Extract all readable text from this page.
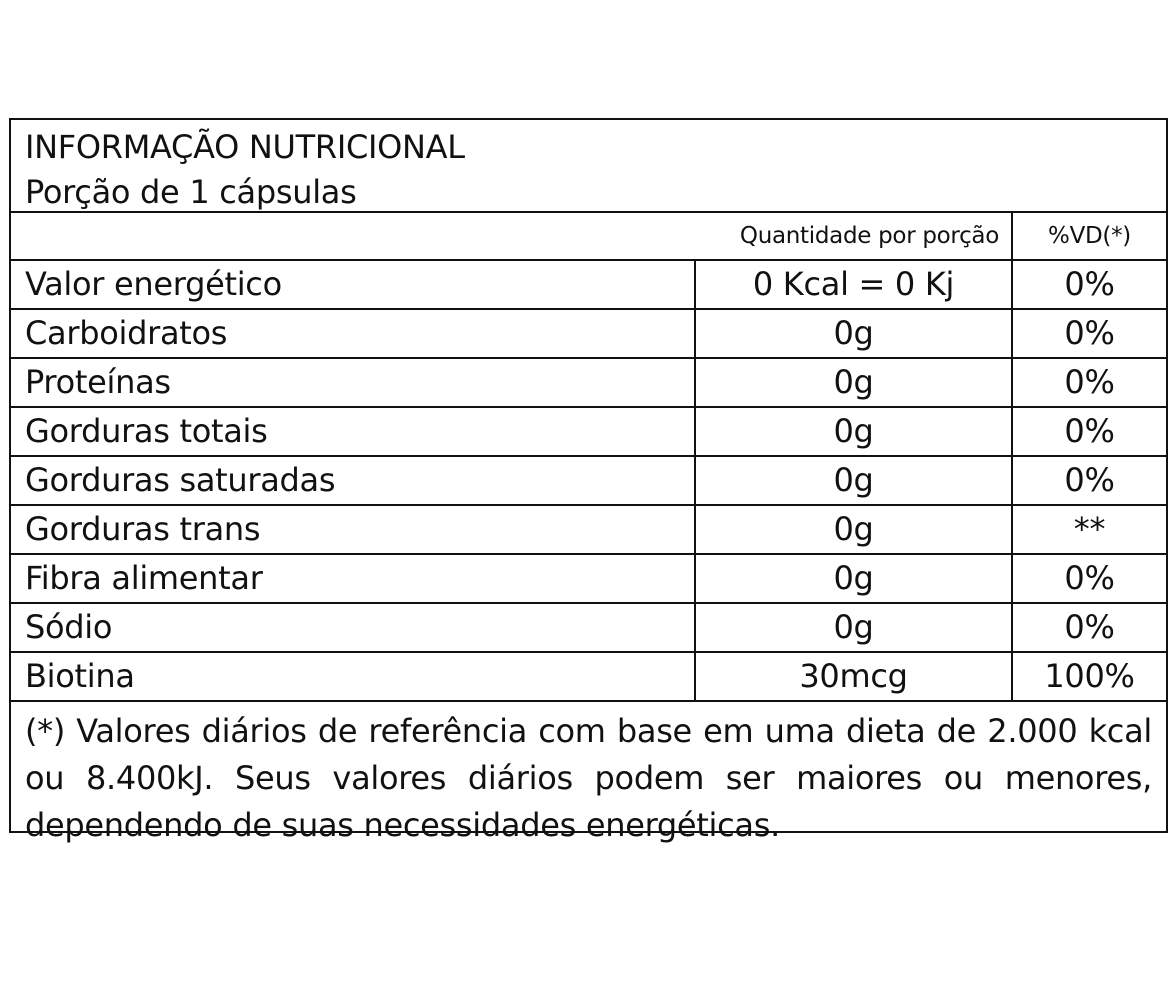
INFORMAÇÃO NUTRICIONAL
Porção de 1 cápsulas
	Quantidade por porção	%VD(*)
Valor energético	0 Kcal = 0 Kj	0%
Carboidratos	0g	0%
Proteínas	0g	0%
Gorduras totais	0g	0%
Gorduras saturadas	0g	0%
Gorduras trans	0g	**
Fibra alimentar	0g	0%
Sódio	0g	0%
Biotina	30mcg	100%
(*) Valores diários de referência com base em uma dieta de 2.000 kcal ou 8.400kJ. Seus valores diários podem ser maiores ou menores, dependendo de suas necessidades energéticas.
